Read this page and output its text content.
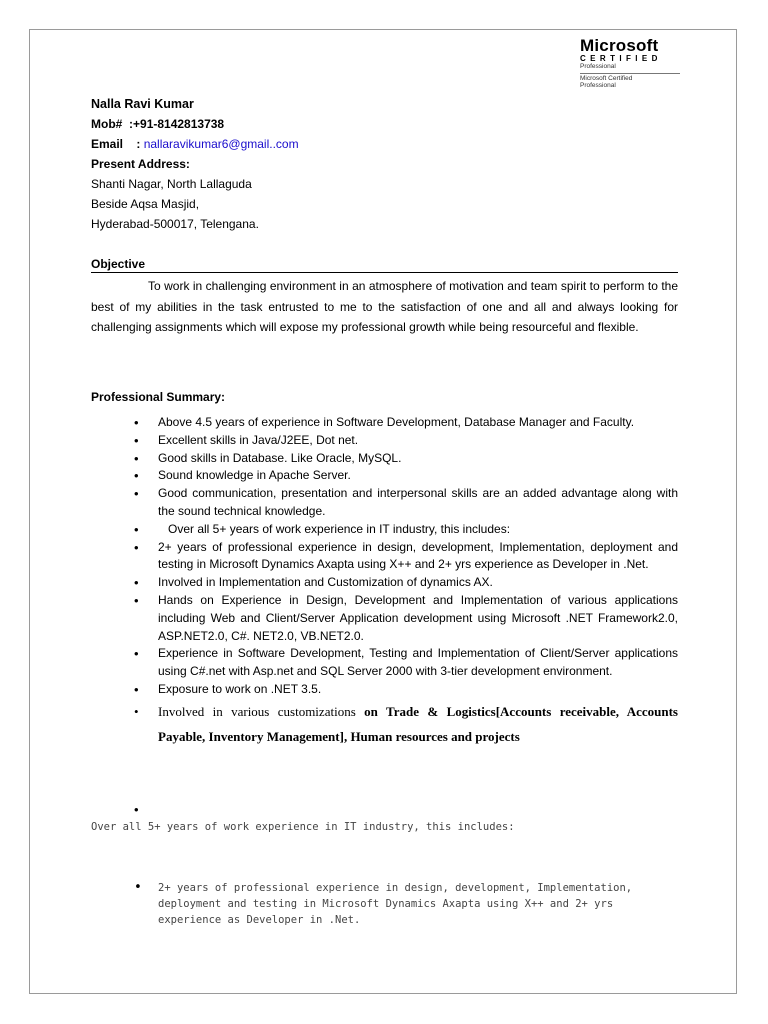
Microsoft
CERTIFIED
Professional
Microsoft Certified
Professional
Nalla Ravi Kumar
Mob# :+91-8142813738
Email : nallaravikumar6@gmail..com
Present Address:
Shanti Nagar, North Lallaguda
Beside Aqsa Masjid,
Hyderabad-500017, Telengana.
Objective
To work in challenging environment in an atmosphere of motivation and team spirit to perform to the best of my abilities in the task entrusted to me to the satisfaction of one and all and always looking for challenging assignments which will expose my professional growth while being resourceful and flexible.
Professional Summary:
• Above 4.5 years of experience in Software Development, Database Manager and Faculty.
• Excellent skills in Java/J2EE, Dot net.
• Good skills in Database. Like Oracle, MySQL.
• Sound knowledge in Apache Server.
• Good communication, presentation and interpersonal skills are an added advantage along with the sound technical knowledge.
• Over all 5+ years of work experience in IT industry, this includes:
• 2+ years of professional experience in design, development, Implementation, deployment and testing in Microsoft Dynamics Axapta using X++ and 2+ yrs experience as Developer in .Net.
• Involved in Implementation and Customization of dynamics AX.
• Hands on Experience in Design, Development and Implementation of various applications including Web and Client/Server Application development using Microsoft .NET Framework2.0, ASP.NET2.0, C#. NET2.0, VB.NET2.0.
• Experience in Software Development, Testing and Implementation of Client/Server applications using C#.net with Asp.net and SQL Server 2000 with 3-tier development environment.
• Exposure to work on .NET 3.5.
• Involved in various customizations on Trade & Logistics[Accounts receivable, Accounts Payable, Inventory Management], Human resources and projects
•
Over all 5+ years of work experience in IT industry, this includes:
• 2+ years of professional experience in design, development, Implementation, deployment and testing in Microsoft Dynamics Axapta using X++ and 2+ yrs experience as Developer in .Net.
